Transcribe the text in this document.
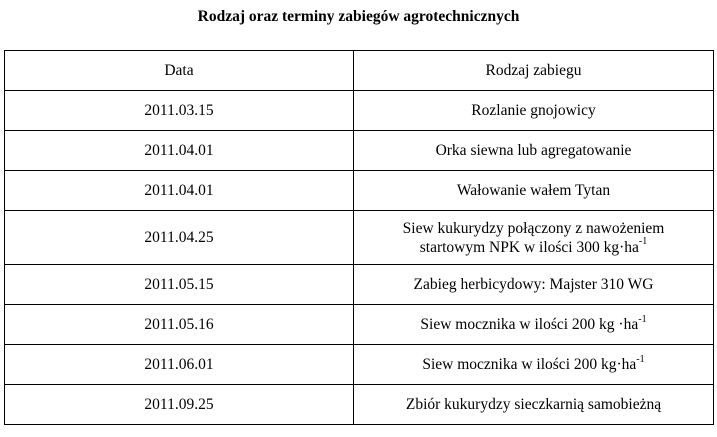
Rodzaj oraz terminy zabiegów agrotechnicznych
Data	Rodzaj zabiegu
2011.03.15	Rozlanie gnojowicy
2011.04.01	Orka siewna lub agregatowanie
2011.04.01	Wałowanie wałem Tytan
2011.04.25	Siew kukurydzy połączony z nawożeniem
startowym NPK w ilości 300 $kg\cdot ha^{-1}$
2011.05.15	Zabieg herbicydowy: Majster 310 WG
2011.05.16	Siew mocznika w ilości 200 kg $\cdot ha^{-1}$
2011.06.01	Siew mocznika w ilości 200 $kg\cdot ha^{-1}$
2011.09.25	Zbiór kukurydzy sieczkarnią samobieżną
